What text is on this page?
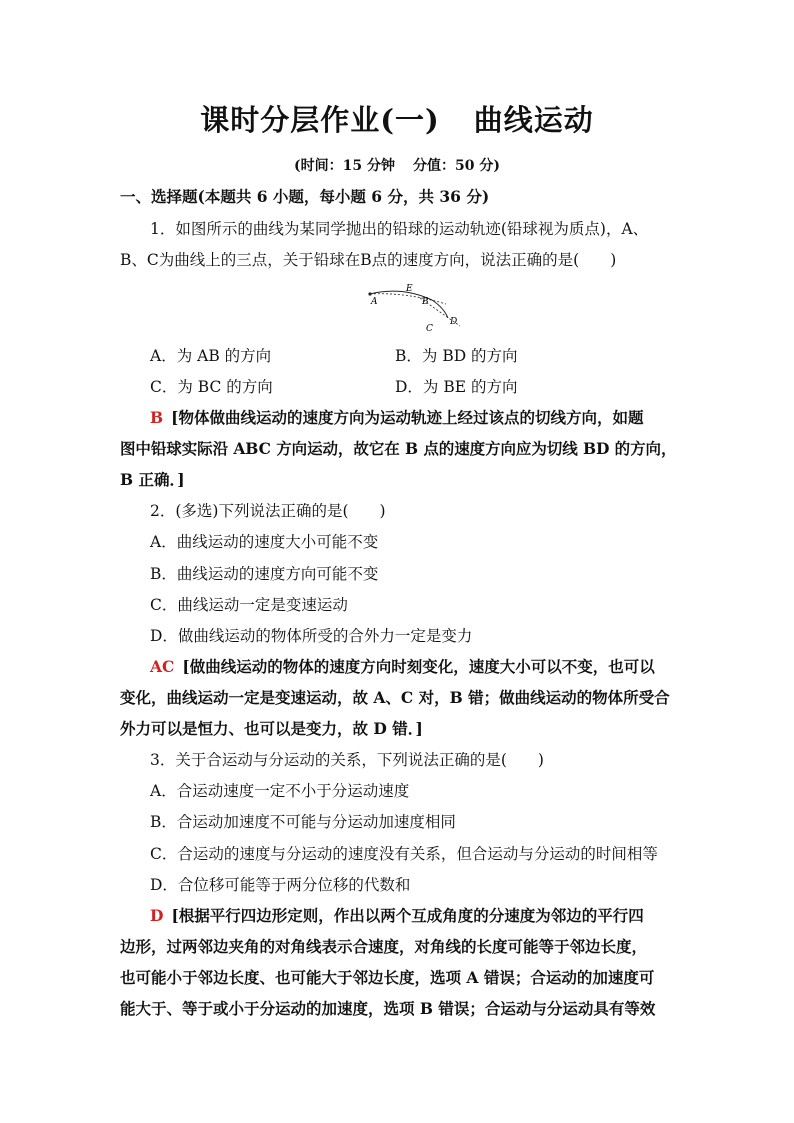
课时分层作业(一) 曲线运动
(时间：15 分钟 分值：50 分)
一、选择题(本题共 6 小题，每小题 6 分，共 36 分)
1．如图所示的曲线为某同学抛出的铅球的运动轨迹(铅球视为质点)，A、
B、C为曲线上的三点，关于铅球在B点的速度方向，说法正确的是(　　)
A
E
B
C
D
A．为 AB 的方向	B．为 BD 的方向
C．为 BC 的方向	D．为 BE 的方向
B [物体做曲线运动的速度方向为运动轨迹上经过该点的切线方向，如题
图中铅球实际沿 ABC 方向运动，故它在 B 点的速度方向应为切线 BD 的方向，
B 正确．]
2．(多选)下列说法正确的是(　　)
A．曲线运动的速度大小可能不变
B．曲线运动的速度方向可能不变
C．曲线运动一定是变速运动
D．做曲线运动的物体所受的合外力一定是变力
AC [做曲线运动的物体的速度方向时刻变化，速度大小可以不变，也可以
变化，曲线运动一定是变速运动，故 A、C 对，B 错；做曲线运动的物体所受合
外力可以是恒力、也可以是变力，故 D 错．]
3．关于合运动与分运动的关系，下列说法正确的是(　　)
A．合运动速度一定不小于分运动速度
B．合运动加速度不可能与分运动加速度相同
C．合运动的速度与分运动的速度没有关系，但合运动与分运动的时间相等
D．合位移可能等于两分位移的代数和
D [根据平行四边形定则，作出以两个互成角度的分速度为邻边的平行四
边形，过两邻边夹角的对角线表示合速度，对角线的长度可能等于邻边长度，
也可能小于邻边长度、也可能大于邻边长度，选项 A 错误；合运动的加速度可
能大于、等于或小于分运动的加速度，选项 B 错误；合运动与分运动具有等效
